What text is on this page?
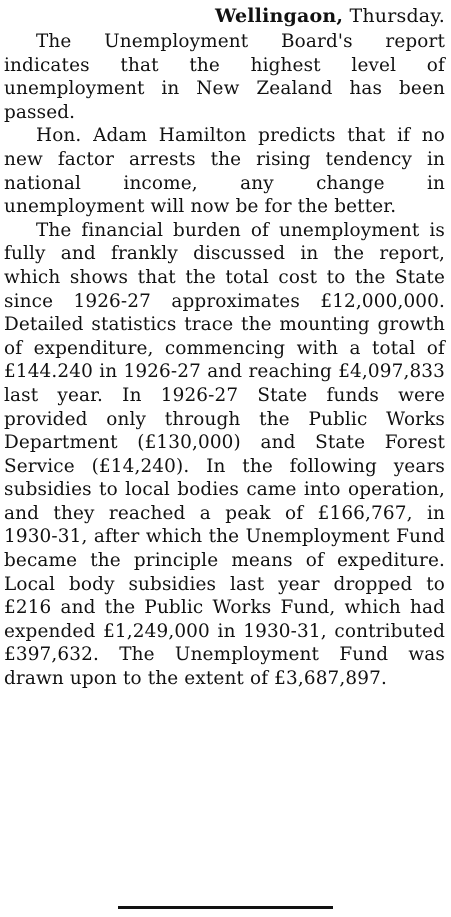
Wellingaon, Thursday.

The Unemployment Board's report indicates that the highest level of unemployment in New Zealand has been passed.

Hon. Adam Hamilton predicts that if no new factor arrests the rising tendency in national income, any change in unemployment will now be for the better.

The financial burden of unemployment is fully and frankly discussed in the report, which shows that the total cost to the State since 1926-27 approximates £12,000,000. Detailed statistics trace the mounting growth of expenditure, commencing with a total of £144.240 in 1926-27 and reaching £4,097,833 last year. In 1926-27 State funds were provided only through the Public Works Department (£130,000) and State Forest Service (£14,240). In the following years subsidies to local bodies came into operation, and they reached a peak of £166,767, in 1930-31, after which the Unemployment Fund became the principle means of expediture. Local body subsidies last year dropped to £216 and the Public Works Fund, which had expended £1,249,000 in 1930-31, contributed £397,632. The Unemployment Fund was drawn upon to the extent of £3,687,897.
